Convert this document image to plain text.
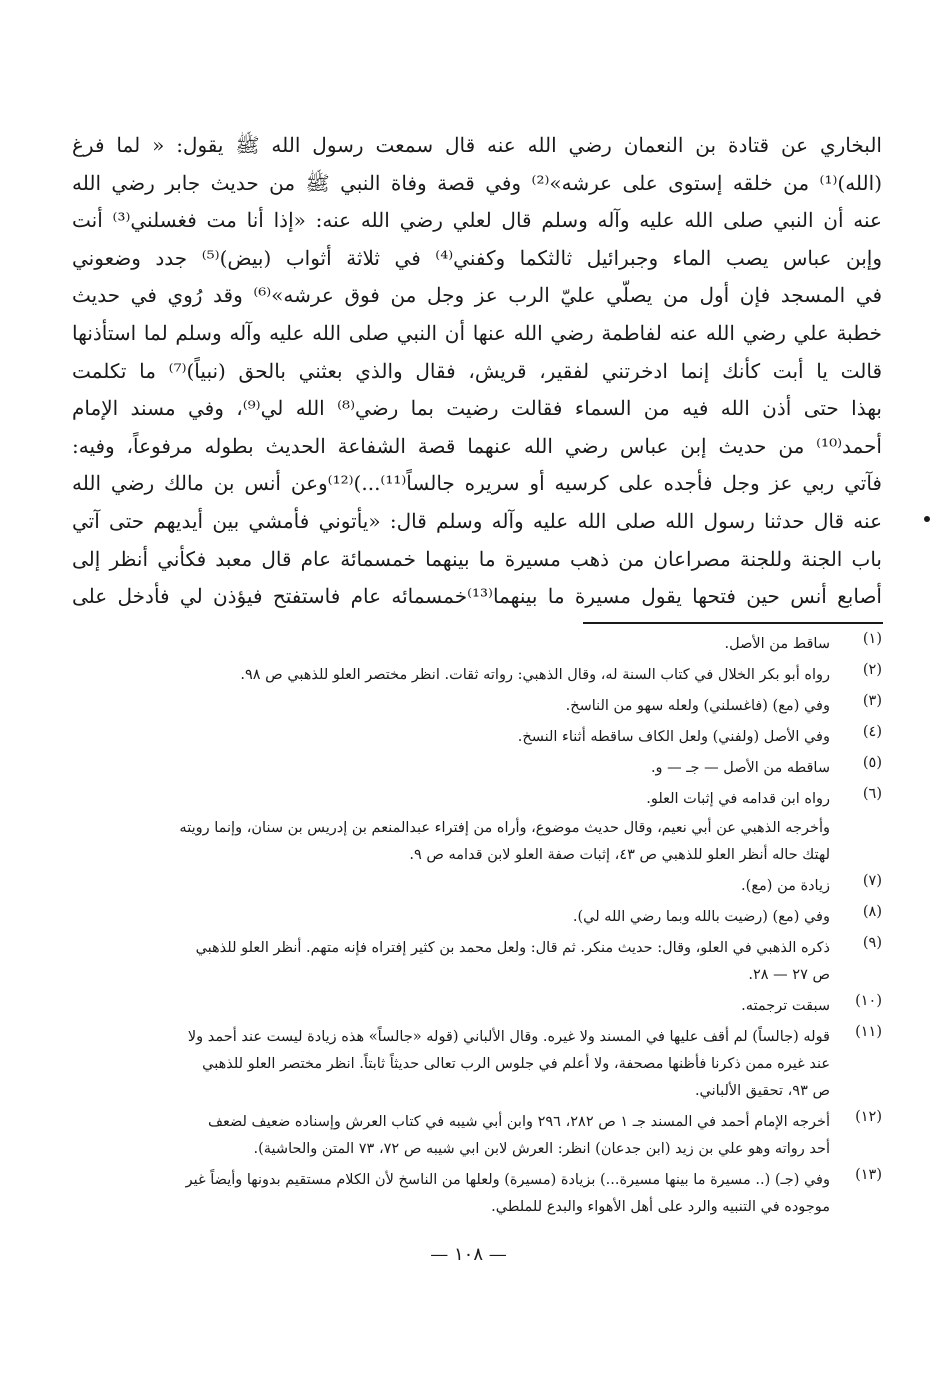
البخاري عن قتادة بن النعمان رضي الله عنه قال سمعت رسول الله ﷺ يقول: « لما فرغ
(الله)⁽¹⁾ من خلقه إستوى على عرشه»⁽²⁾ وفي قصة وفاة النبي ﷺ من حديث جابر رضي الله
عنه أن النبي صلى الله عليه وآله وسلم قال لعلي رضي الله عنه: «إذا أنا مت فغسلني⁽³⁾ أنت
وإبن عباس يصب الماء وجبرائيل ثالثكما وكفني⁽⁴⁾ في ثلاثة أثواب (بيض)⁽⁵⁾ جدد وضعوني
في المسجد فإن أول من يصلّي عليّ الرب عز وجل من فوق عرشه»⁽⁶⁾ وقد رُوي في حديث
خطبة علي رضي الله عنه لفاطمة رضي الله عنها أن النبي صلى الله عليه وآله وسلم لما استأذنها
قالت يا أبت كأنك إنما ادخرتني لفقير، قريش، فقال والذي بعثني بالحق (نبياً)⁽⁷⁾ ما تكلمت
بهذا حتى أذن الله فيه من السماء فقالت رضيت بما رضي⁽⁸⁾ الله لي⁽⁹⁾، وفي مسند الإمام
أحمد⁽¹⁰⁾ من حديث إبن عباس رضي الله عنهما قصة الشفاعة الحديث بطوله مرفوعاً، وفيه:
فآتي ربي عز وجل فأجده على كرسيه أو سريره جالساً⁽¹¹⁾...)⁽¹²⁾وعن أنس بن مالك رضي الله
عنه قال حدثنا رسول الله صلى الله عليه وآله وسلم قال: «يأتوني فأمشي بين أيديهم حتى آتي
باب الجنة وللجنة مصراعان من ذهب مسيرة ما بينهما خمسمائة عام قال معبد فكأني أنظر إلى
أصابع أنس حين فتحها يقول مسيرة ما بينهما⁽¹³⁾خمسمائه عام فاستفتح فيؤذن لي فأدخل على
(١)
ساقط من الأصل.
(٢)
رواه أبو بكر الخلال في كتاب السنة له، وقال الذهبي: رواته ثقات. انظر مختصر العلو للذهبي ص ٩٨.
(٣)
وفي (مع) (فاغسلني) ولعله سهو من الناسخ.
(٤)
وفي الأصل (ولفني) ولعل الكاف ساقطه أثناء النسخ.
(٥)
ساقطه من الأصل — جـ — و.
(٦)
رواه ابن قدامه في إثبات العلو.
وأخرجه الذهبي عن أبي نعيم، وقال حديث موضوع، وأراه من إفتراء عبدالمنعم بن إدريس بن سنان، وإنما رويته
لهتك حاله أنظر العلو للذهبي ص ٤٣، إثبات صفة العلو لابن قدامه ص ٩.
(٧)
زيادة من (مع).
(٨)
وفي (مع) (رضيت بالله وبما رضي الله لي).
(٩)
ذكره الذهبي في العلو، وقال: حديث منكر. ثم قال: ولعل محمد بن كثير إفتراه فإنه متهم. أنظر العلو للذهبي
ص ٢٧ — ٢٨.
(١٠)
سبقت ترجمته.
(١١)
قوله (جالساً) لم أقف عليها في المسند ولا غيره. وقال الألباني (قوله «جالساً» هذه زيادة ليست عند أحمد ولا
عند غيره ممن ذكرنا فأظنها مصحفة، ولا أعلم في جلوس الرب تعالى حديثاً ثابتاً. انظر مختصر العلو للذهبي
ص ٩٣، تحقيق الألباني.
(١٢)
أخرجه الإمام أحمد في المسند جـ ١ ص ٢٨٢، ٢٩٦ وابن أبي شيبه في كتاب العرش وإسناده ضعيف لضعف
أحد رواته وهو علي بن زيد (ابن جدعان) انظر: العرش لابن ابي شيبه ص ٧٢، ٧٣ المتن والحاشية).
(١٣)
وفي (جـ) (.. مسيرة ما بينها مسيرة...) بزيادة (مسيرة) ولعلها من الناسخ لأن الكلام مستقيم بدونها وأيضاً غير
موجوده في التنبيه والرد على أهل الأهواء والبدع للملطي.
— ١٠٨ —
